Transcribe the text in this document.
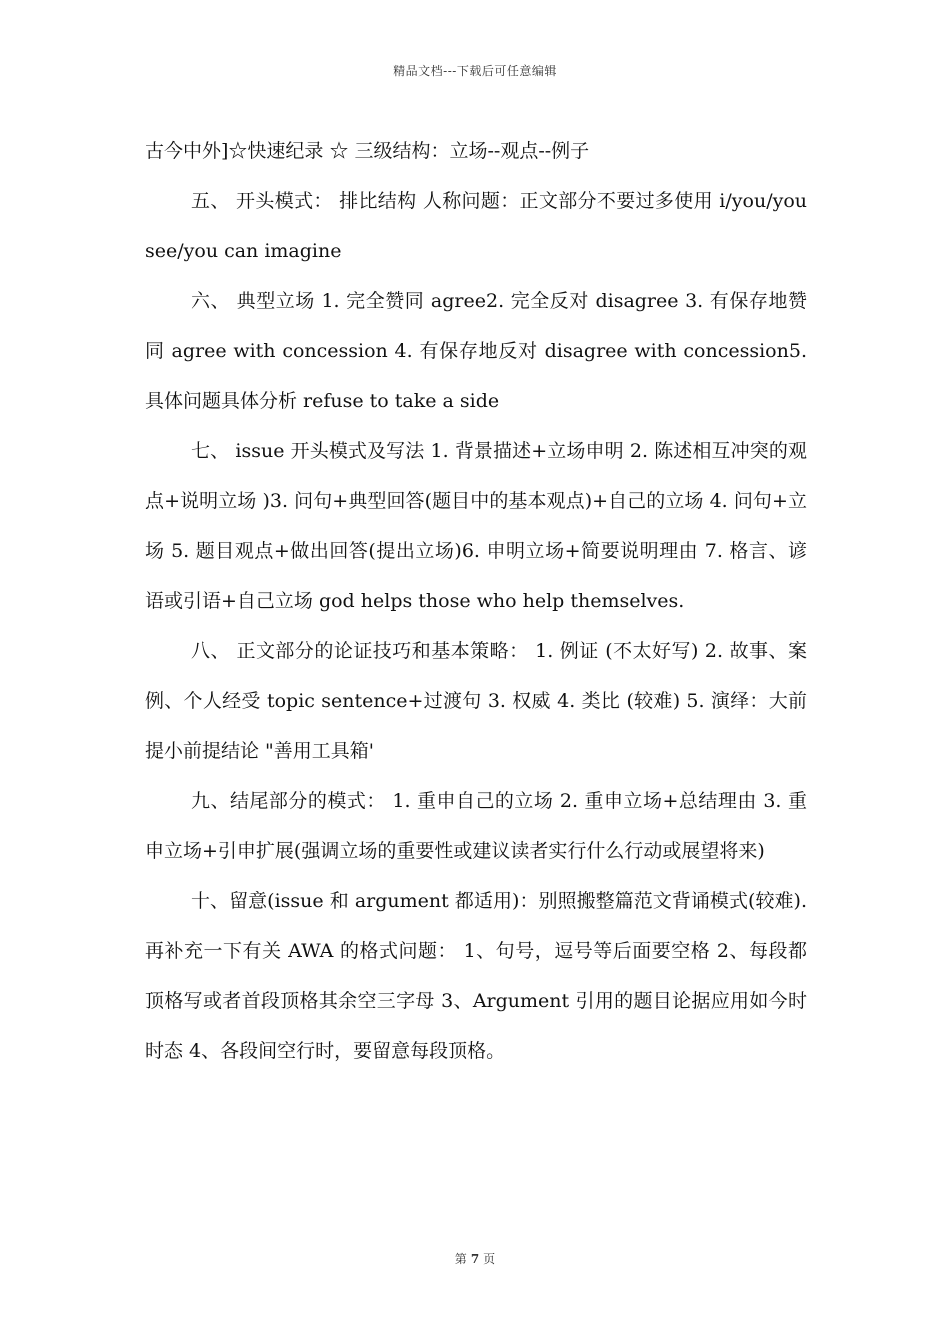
精品文档---下载后可任意编辑

古今中外]☆快速纪录 ☆ 三级结构：立场--观点--例子

五、 开头模式： 排比结构 人称问题：正文部分不要过多使用 i/you/you see/you can imagine

六、 典型立场 1. 完全赞同 agree2. 完全反对 disagree 3. 有保存地赞同 agree with concession 4. 有保存地反对 disagree with concession5. 具体问题具体分析 refuse to take a side

七、 issue 开头模式及写法 1. 背景描述+立场申明 2. 陈述相互冲突的观点+说明立场 )3. 问句+典型回答(题目中的基本观点)+自己的立场 4. 问句+立场 5. 题目观点+做出回答(提出立场)6. 申明立场+简要说明理由 7. 格言、谚语或引语+自己立场 god helps those who help themselves.

八、 正文部分的论证技巧和基本策略： 1. 例证 (不太好写) 2. 故事、案例、个人经受 topic sentence+过渡句 3. 权威 4. 类比 (较难) 5. 演绎：大前提小前提结论 "善用工具箱'

九、结尾部分的模式： 1. 重申自己的立场 2. 重申立场+总结理由 3. 重申立场+引申扩展(强调立场的重要性或建议读者实行什么行动或展望将来)

十、留意(issue 和 argument 都适用)：别照搬整篇范文背诵模式(较难).再补充一下有关 AWA 的格式问题： 1、句号，逗号等后面要空格 2、每段都顶格写或者首段顶格其余空三字母 3、Argument 引用的题目论据应用如今时时态 4、各段间空行时，要留意每段顶格。

第 7 页
